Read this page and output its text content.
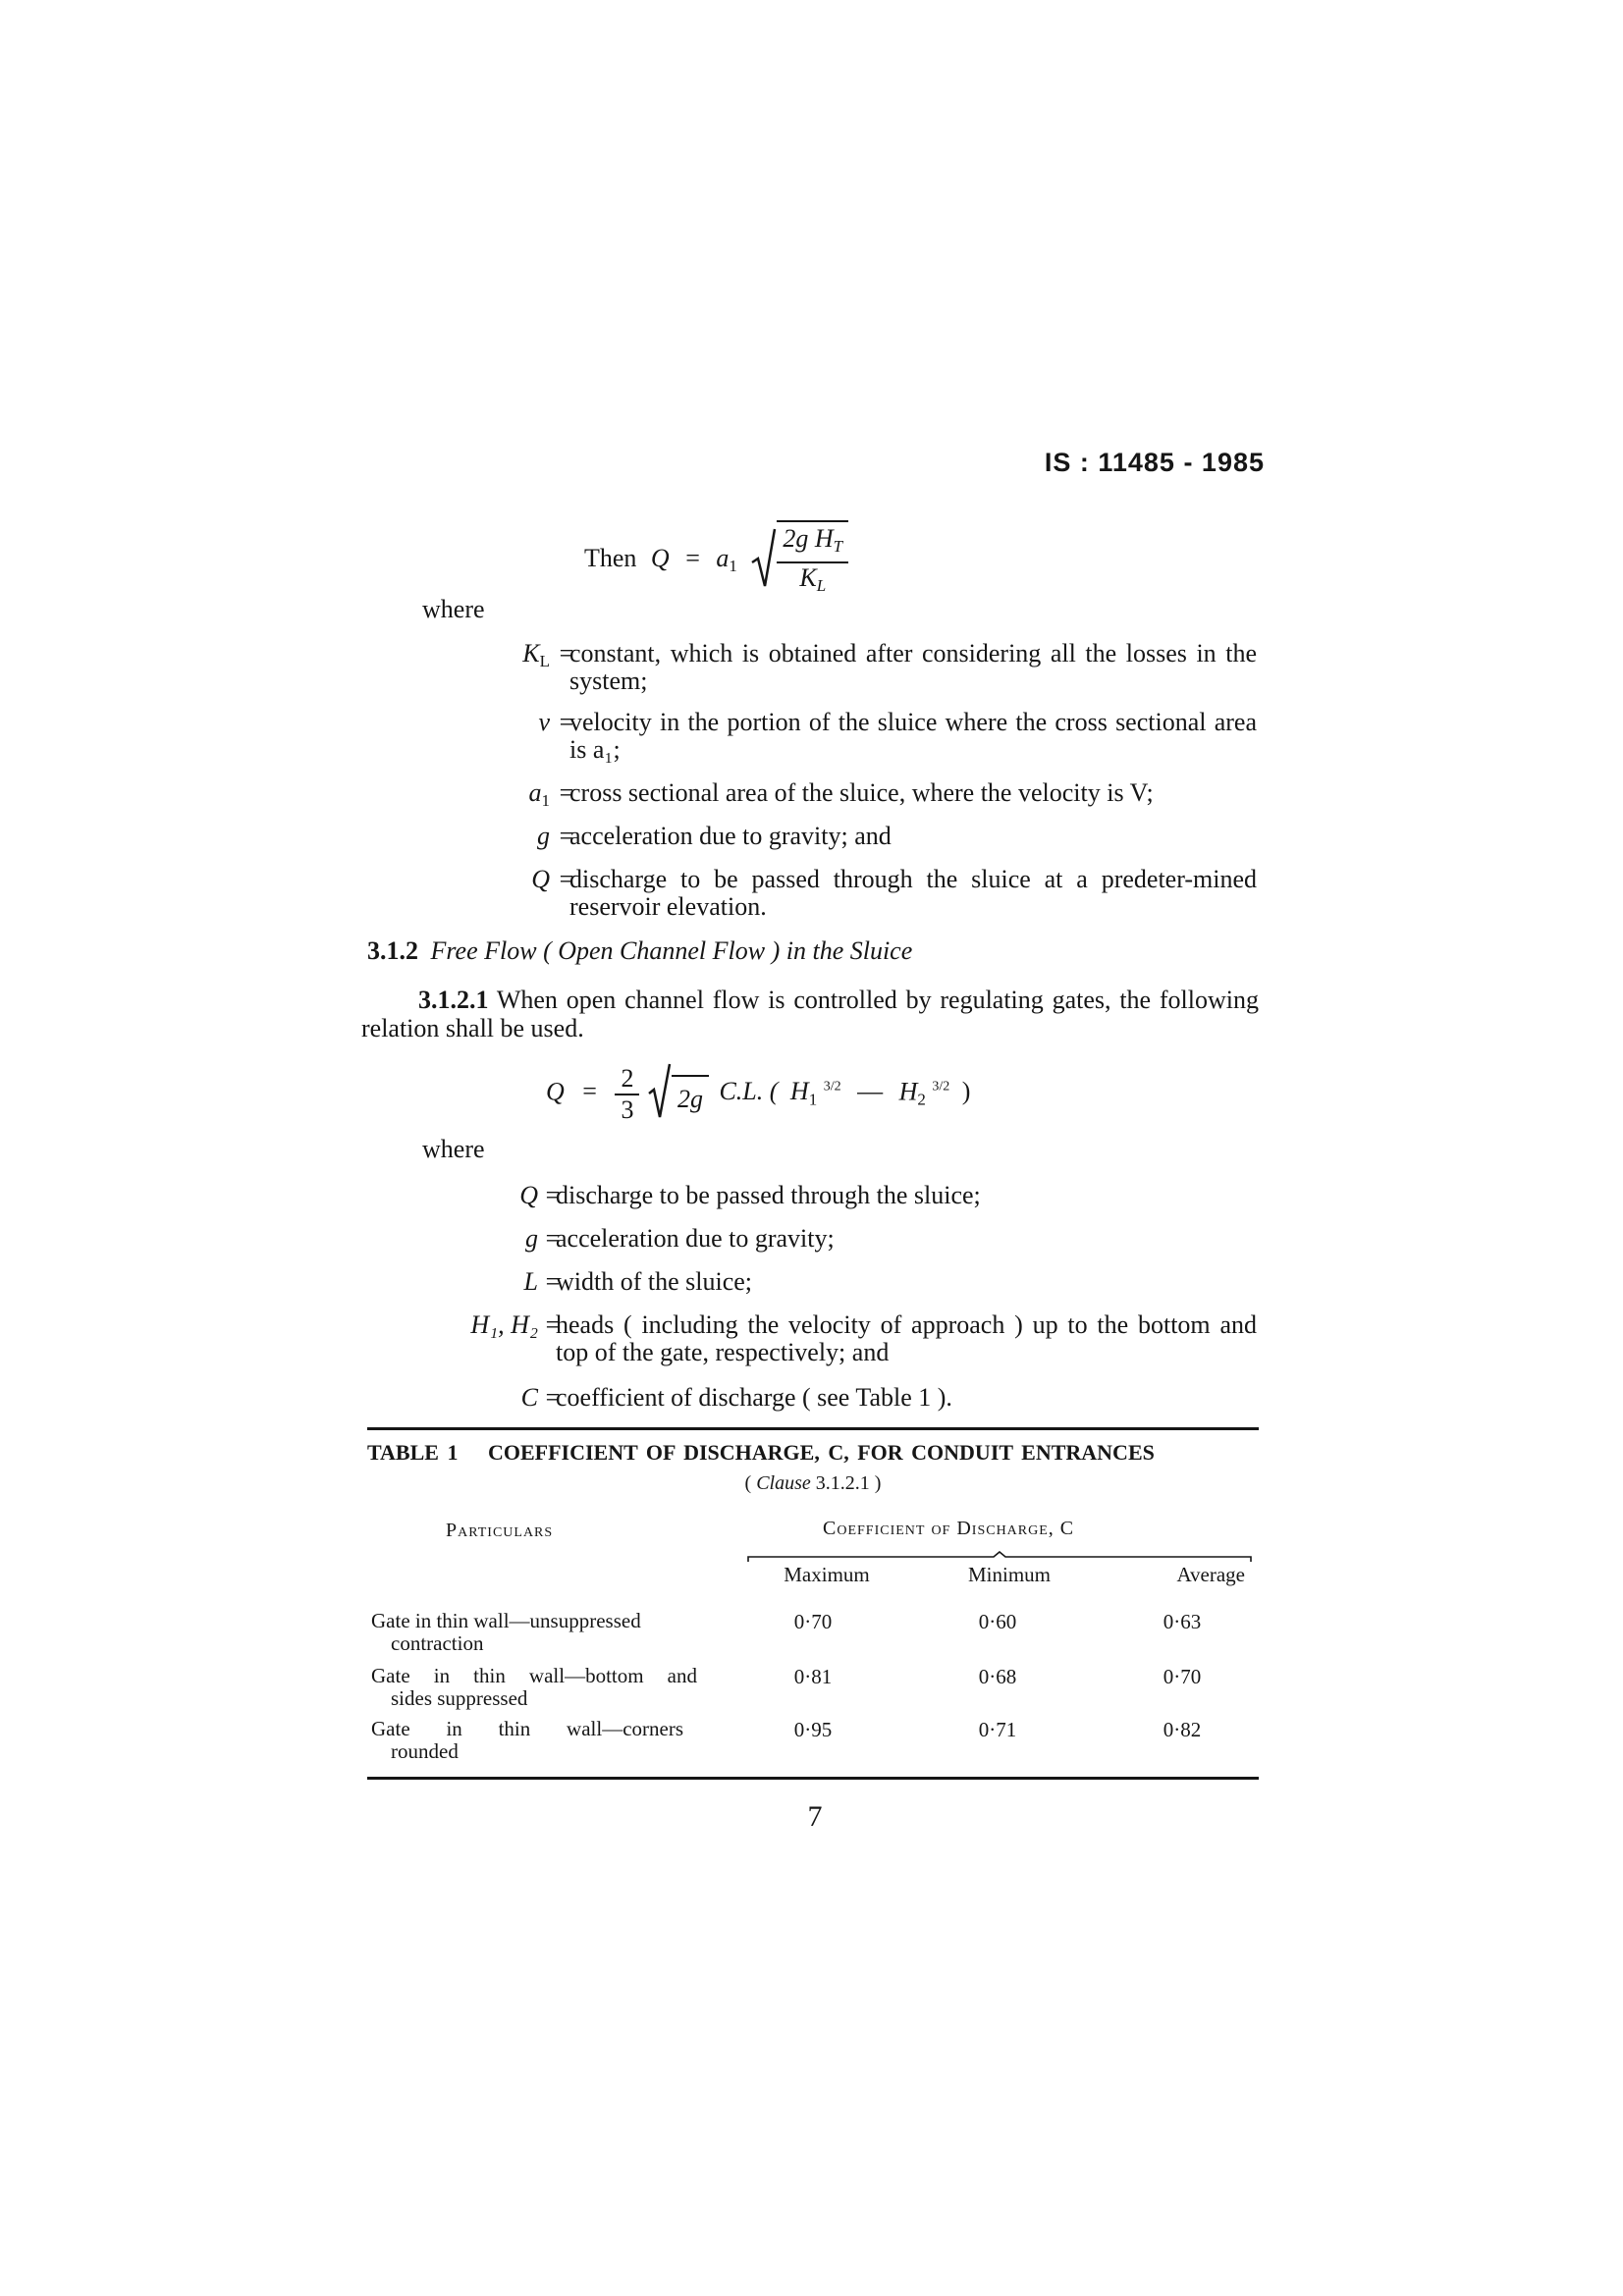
IS : 11485 - 1985
Then $Q = a_1 \frac{2g H_T}{K_L}$
where
$K_L$ =
constant, which is obtained after considering all the losses in the system;
v =
velocity in the portion of the sluice where the cross sectional area is a₁;
$a_1$ =
cross sectional area of the sluice, where the velocity is V;
g =
acceleration due to gravity; and
Q =
discharge to be passed through the sluice at a predeter-mined reservoir elevation.
3.1.2 Free Flow ( Open Channel Flow ) in the Sluice
3.1.2.1 When open channel flow is controlled by regulating gates, the following relation shall be used.
$Q = \frac{2}{3} 2g$ C.L. ( $H_1$ $^{3/2}$ — $H_2$ $^{3/2}$ )
where
Q =
discharge to be passed through the sluice;
g =
acceleration due to gravity;
L =
width of the sluice;
H₁, H₂ =
heads ( including the velocity of approach ) up to the bottom and top of the gate, respectively; and
C =
coefficient of discharge ( see Table 1 ).
TABLE 1 COEFFICIENT OF DISCHARGE, C, FOR CONDUIT ENTRANCES
( Clause 3.1.2.1 )
Particulars	Coefficient of Discharge, C
Maximum	Minimum	Average
Gate in thin wall—unsuppressed
contraction
0·70	0·60	0·63
Gate in thin wall—bottom and
sides suppressed
0·81	0·68	0·70
Gate in thin wall—corners
rounded
0·95	0·71	0·82
7
